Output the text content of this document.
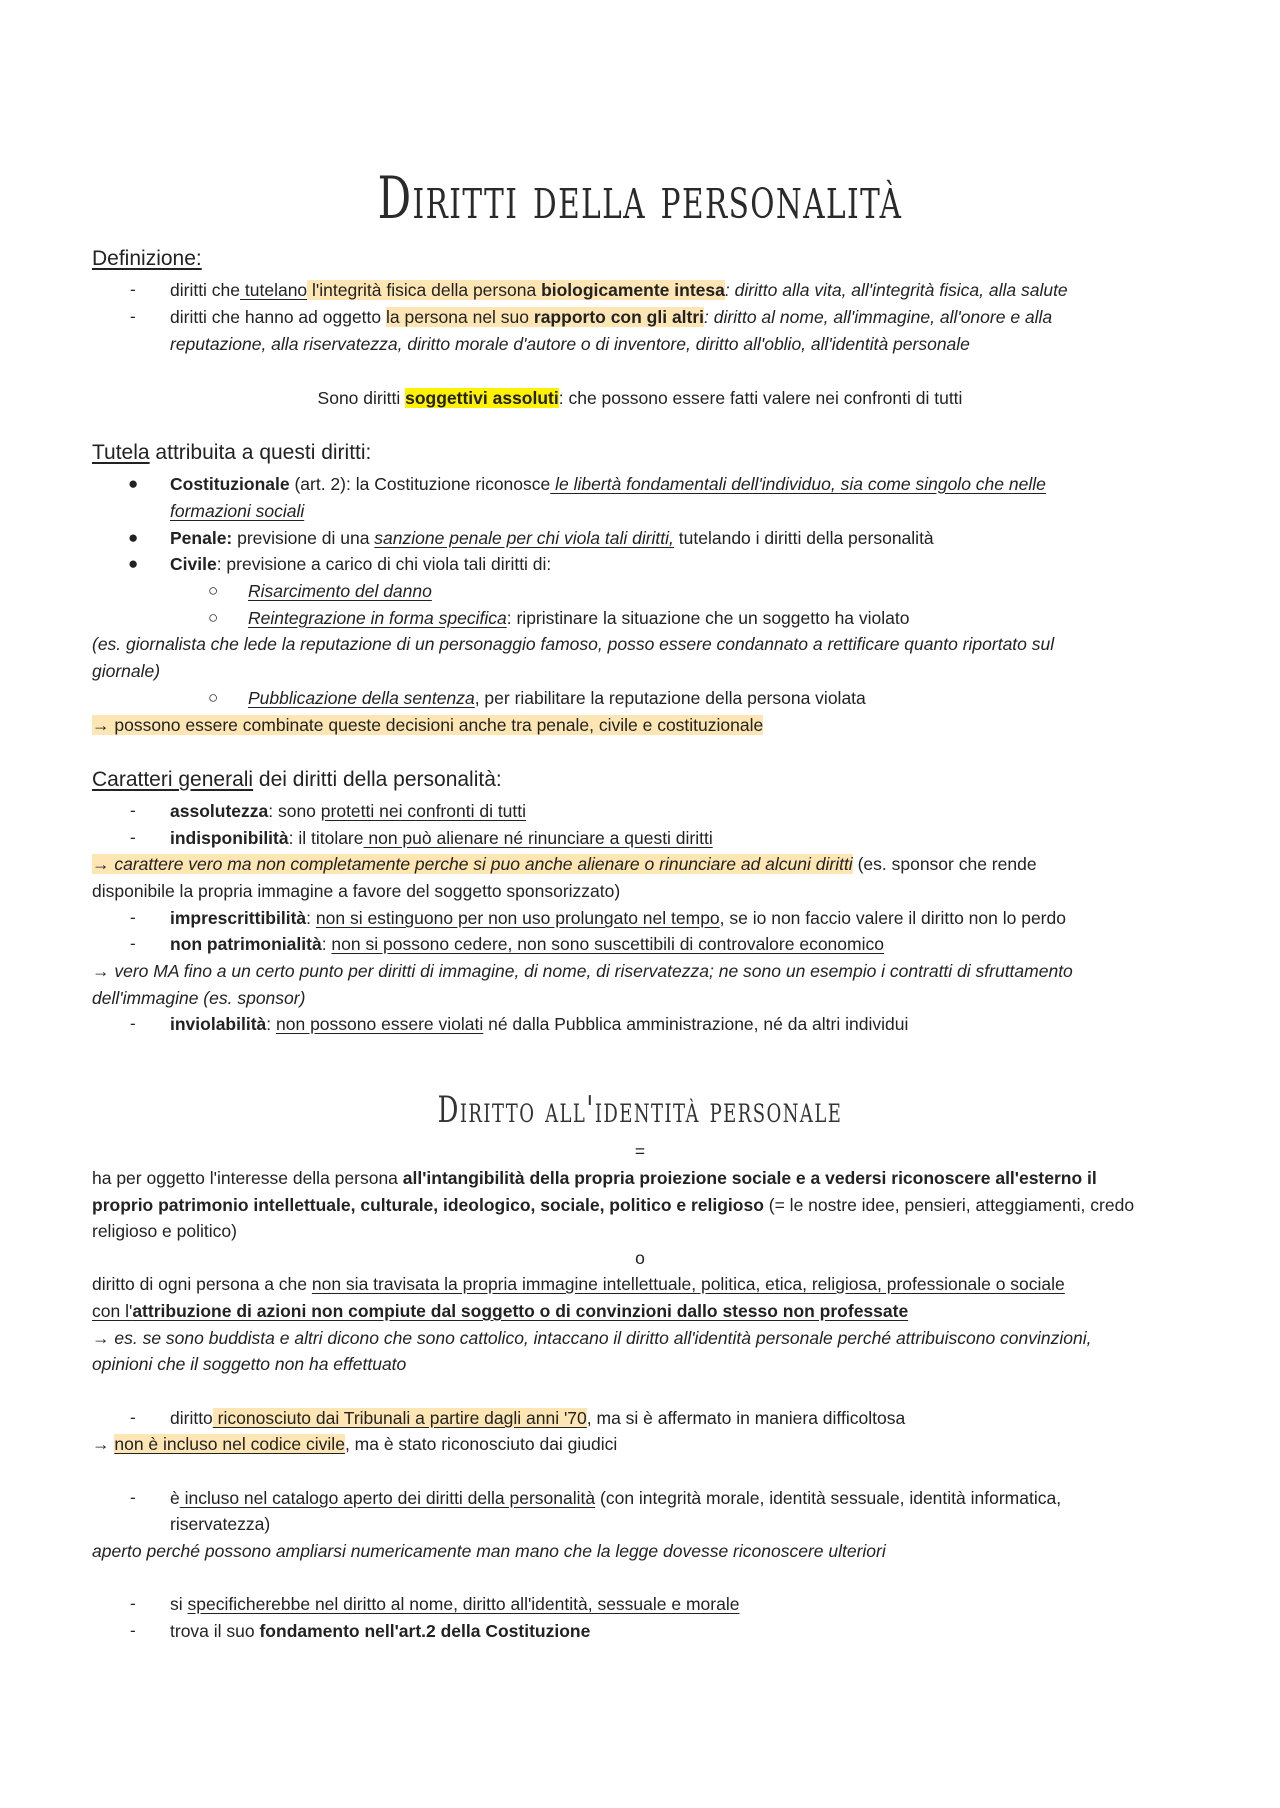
Diritti della personalità
Definizione:
- diritti che tutelano l'integrità fisica della persona biologicamente intesa: diritto alla vita, all'integrità fisica, alla salute
- diritti che hanno ad oggetto la persona nel suo rapporto con gli altri: diritto al nome, all'immagine, all'onore e alla
reputazione, alla riservatezza, diritto morale d'autore o di inventore, diritto all'oblio, all'identità personale
Sono diritti soggettivi assoluti: che possono essere fatti valere nei confronti di tutti
Tutela attribuita a questi diritti:
● Costituzionale (art. 2): la Costituzione riconosce le libertà fondamentali dell'individuo, sia come singolo che nelle
formazioni sociali
● Penale: previsione di una sanzione penale per chi viola tali diritti, tutelando i diritti della personalità
● Civile: previsione a carico di chi viola tali diritti di:
○ Risarcimento del danno
○ Reintegrazione in forma specifica: ripristinare la situazione che un soggetto ha violato
(es. giornalista che lede la reputazione di un personaggio famoso, posso essere condannato a rettificare quanto riportato sul
giornale)
○ Pubblicazione della sentenza, per riabilitare la reputazione della persona violata
→ possono essere combinate queste decisioni anche tra penale, civile e costituzionale
Caratteri generali dei diritti della personalità:
- assolutezza: sono protetti nei confronti di tutti
- indisponibilità: il titolare non può alienare né rinunciare a questi diritti
→ carattere vero ma non completamente perche si puo anche alienare o rinunciare ad alcuni diritti (es. sponsor che rende
disponibile la propria immagine a favore del soggetto sponsorizzato)
- imprescrittibilità: non si estinguono per non uso prolungato nel tempo, se io non faccio valere il diritto non lo perdo
- non patrimonialità: non si possono cedere, non sono suscettibili di controvalore economico
→ vero MA fino a un certo punto per diritti di immagine, di nome, di riservatezza; ne sono un esempio i contratti di sfruttamento
dell'immagine (es. sponsor)
- inviolabilità: non possono essere violati né dalla Pubblica amministrazione, né da altri individui
Diritto all'identità personale
=
ha per oggetto l'interesse della persona all'intangibilità della propria proiezione sociale e a vedersi riconoscere all'esterno il
proprio patrimonio intellettuale, culturale, ideologico, sociale, politico e religioso (= le nostre idee, pensieri, atteggiamenti, credo
religioso e politico)
o
diritto di ogni persona a che non sia travisata la propria immagine intellettuale, politica, etica, religiosa, professionale o sociale
con l'attribuzione di azioni non compiute dal soggetto o di convinzioni dallo stesso non professate
→ es. se sono buddista e altri dicono che sono cattolico, intaccano il diritto all'identità personale perché attribuiscono convinzioni,
opinioni che il soggetto non ha effettuato
- diritto riconosciuto dai Tribunali a partire dagli anni '70, ma si è affermato in maniera difficoltosa
→ non è incluso nel codice civile, ma è stato riconosciuto dai giudici
- è incluso nel catalogo aperto dei diritti della personalità (con integrità morale, identità sessuale, identità informatica,
riservatezza)
aperto perché possono ampliarsi numericamente man mano che la legge dovesse riconoscere ulteriori
- si specificherebbe nel diritto al nome, diritto all'identità, sessuale e morale
- trova il suo fondamento nell'art.2 della Costituzione
